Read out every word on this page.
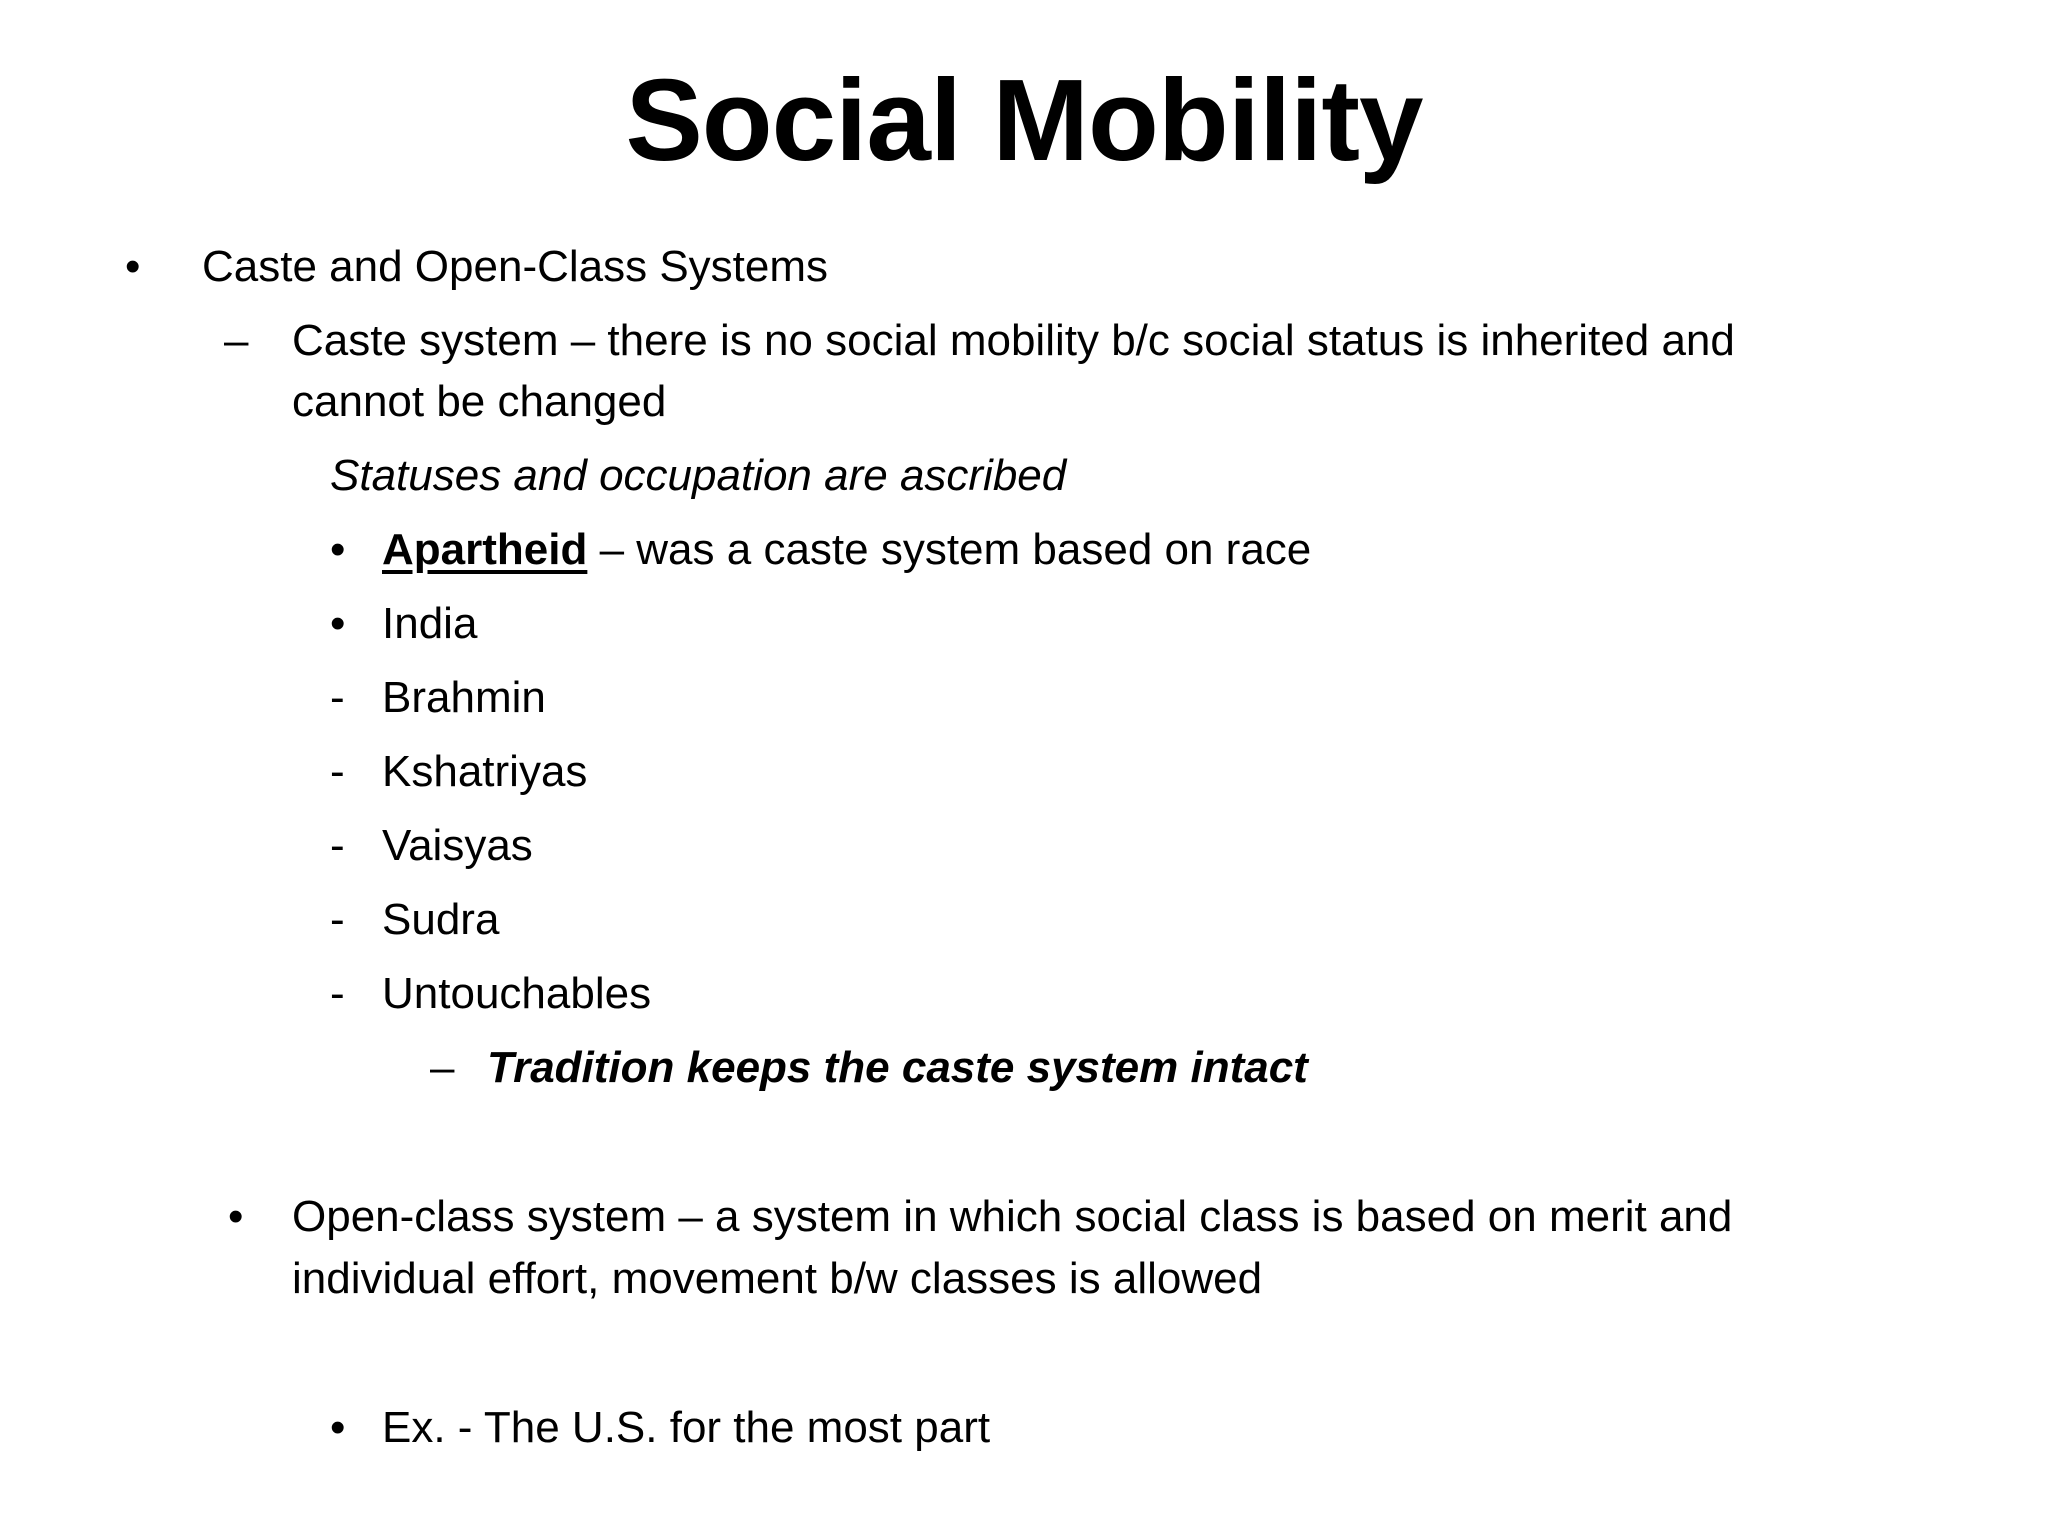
Social Mobility
• Caste and Open-Class Systems
– Caste system – there is no social mobility b/c social status is inherited and
cannot be changed
Statuses and occupation are ascribed
• Apartheid – was a caste system based on race
• India
- Brahmin
- Kshatriyas
- Vaisyas
- Sudra
- Untouchables
– Tradition keeps the caste system intact
• Open-class system – a system in which social class is based on merit and
individual effort, movement b/w classes is allowed
• Ex. - The U.S. for the most part
